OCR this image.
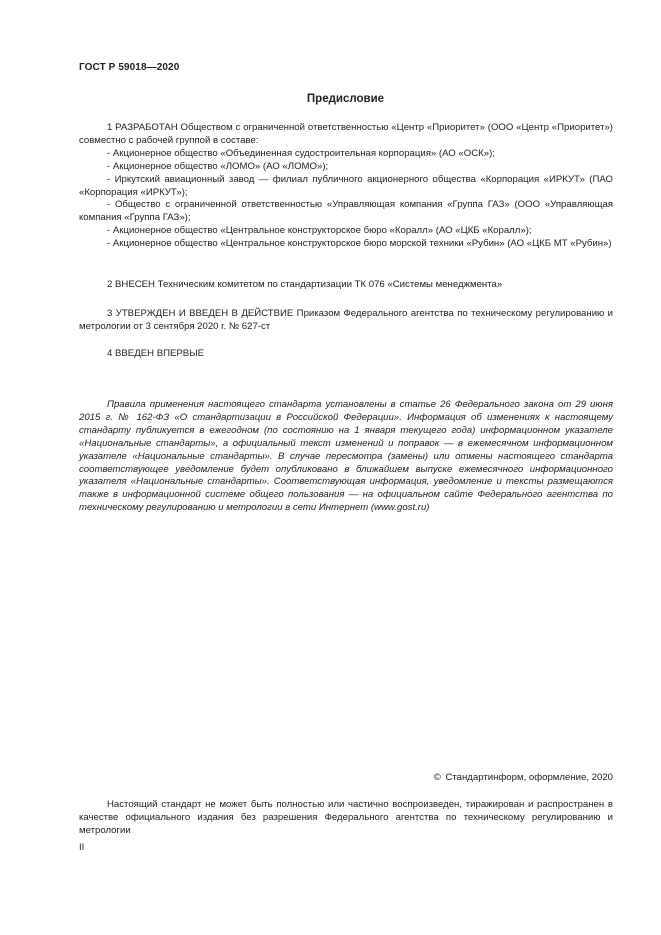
ГОСТ Р 59018—2020
Предисловие

1 РАЗРАБОТАН Обществом с ограниченной ответственностью «Центр «Приоритет» (ООО «Центр «Приоритет») совместно с рабочей группой в составе:

- Акционерное общество «Объединенная судостроительная корпорация» (АО «ОСК»);

- Акционерное общество «ЛОМО» (АО «ЛОМО»);

- Иркутский авиационный завод — филиал публичного акционерного общества «Корпорация «ИРКУТ» (ПАО «Корпорация «ИРКУТ»);

- Общество с ограниченной ответственностью «Управляющая компания «Группа ГАЗ» (ООО «Управляющая компания «Группа ГАЗ»);

- Акционерное общество «Центральное конструкторское бюро «Коралл» (АО «ЦКБ «Коралл»);

- Акционерное общество «Центральное конструкторское бюро морской техники «Рубин» (АО «ЦКБ МТ «Рубин»)

2 ВНЕСЕН Техническим комитетом по стандартизации ТК 076 «Системы менеджмента»

3 УТВЕРЖДЕН И ВВЕДЕН В ДЕЙСТВИЕ Приказом Федерального агентства по техническому регулированию и метрологии от 3 сентября 2020 г. № 627-ст

4 ВВЕДЕН ВПЕРВЫЕ

Правила применения настоящего стандарта установлены в статье 26 Федерального закона от 29 июня 2015 г. № 162-ФЗ «О стандартизации в Российской Федерации». Информация об изменениях к настоящему стандарту публикуется в ежегодном (по состоянию на 1 января текущего года) информационном указателе «Национальные стандарты», а официальный текст изменений и поправок — в ежемесячном информационном указателе «Национальные стандарты». В случае пересмотра (замены) или отмены настоящего стандарта соответствующее уведомление будет опубликовано в ближайшем выпуске ежемесячного информационного указателя «Национальные стандарты». Соответствующая информация, уведомление и тексты размещаются также в информационной системе общего пользования — на официальном сайте Федерального агентства по техническому регулированию и метрологии в сети Интернет (www.gost.ru)

© Стандартинформ, оформление, 2020

Настоящий стандарт не может быть полностью или частично воспроизведен, тиражирован и распространен в качестве официального издания без разрешения Федерального агентства по техническому регулированию и метрологии

II
